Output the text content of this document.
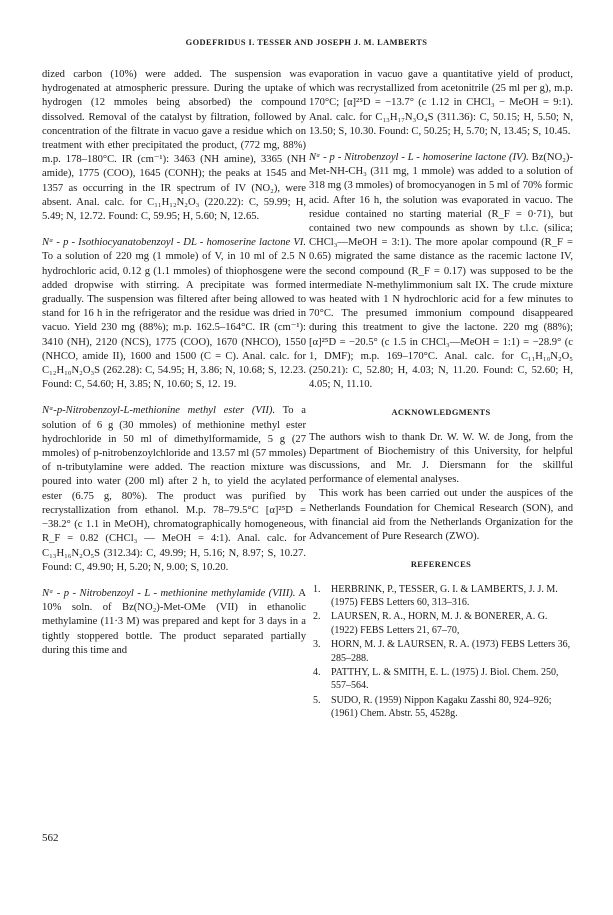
GODEFRIDUS I. TESSER AND JOSEPH J. M. LAMBERTS

dized carbon (10%) were added. The suspension was hydrogenated at atmospheric pressure. During the uptake of hydrogen (12 mmoles being absorbed) the compound dissolved. Removal of the catalyst by filtration, followed by concentration of the filtrate in vacuo gave a residue which on treatment with ether precipitated the product, (772 mg, 88%) m.p. 178–180°C. IR (cm⁻¹): 3463 (NH amine), 3365 (NH amide), 1775 (COO), 1645 (CONH); the peaks at 1545 and 1357 as occurring in the IR spectrum of IV (NO₂), were absent. Anal. calc. for C₁₁H₁₂N₂O₃ (220.22): C, 59.99; H, 5.49; N, 12.72. Found: C, 59.95; H, 5.60; N, 12.65.

Nᵅ - p - Isothiocyanatobenzoyl - DL - homoserine lactone VI. To a solution of 220 mg (1 mmole) of V, in 10 ml of 2.5 N hydrochloric acid, 0.12 g (1.1 mmoles) of thiophosgene were added dropwise with stirring. A precipitate was formed gradually. The suspension was filtered after being allowed to stand for 16 h in the refrigerator and the residue was dried in vacuo. Yield 230 mg (88%); m.p. 162.5–164°C. IR (cm⁻¹): 3410 (NH), 2120 (NCS), 1775 (COO), 1670 (NHCO), 1550 (NHCO, amide II), 1600 and 1500 (C = C). Anal. calc. for C₁₂H₁₀N₂O₃S (262.28): C, 54.95; H, 3.86; N, 10.68; S, 12.23. Found: C, 54.60; H, 3.85; N, 10.60; S, 12. 19.

Nᵅ-p-Nitrobenzoyl-L-methionine methyl ester (VII). To a solution of 6 g (30 mmoles) of methionine methyl ester hydrochloride in 50 ml of dimethylformamide, 5 g (27 mmoles) of p-nitrobenzoylchloride and 13.57 ml (57 mmoles) of n-tributylamine were added. The reaction mixture was poured into water (200 ml) after 2 h, to yield the acylated ester (6.75 g, 80%). The product was purified by recrystallization from ethanol. M.p. 78–79.5°C [α]²⁵D = −38.2° (c 1.1 in MeOH), chromatographically homogeneous, R_F = 0.82 (CHCl₃ — MeOH = 4:1). Anal. calc. for C₁₃H₁₆N₂O₅S (312.34): C, 49.99; H, 5.16; N, 8.97; S, 10.27. Found: C, 49.90; H, 5.20; N, 9.00; S, 10.20.

Nᵅ - p - Nitrobenzoyl - L - methionine methylamide (VIII). A 10% soln. of Bz(NO₂)-Met-OMe (VII) in ethanolic methylamine (11·3 M) was prepared and kept for 3 days in a tightly stoppered bottle. The product separated partially during this time and

evaporation in vacuo gave a quantitative yield of product, which was recrystallized from acetonitrile (25 ml per g), m.p. 170°C; [α]²⁵D = −13.7° (c 1.12 in CHCl₃ − MeOH = 9:1). Anal. calc. for C₁₃H₁₇N₃O₄S (311.36): C, 50.15; H, 5.50; N, 13.50; S, 10.30. Found: C, 50.25; H, 5.70; N, 13.45; S, 10.45.

Nᵅ - p - Nitrobenzoyl - L - homoserine lactone (IV). Bz(NO₂)-Met-NH-CH₃ (311 mg, 1 mmole) was added to a solution of 318 mg (3 mmoles) of bromocyanogen in 5 ml of 70% formic acid. After 16 h, the solution was evaporated in vacuo. The residue contained no starting material (R_F = 0·71), but contained two new compounds as shown by t.l.c. (silica; CHCl₃—MeOH = 3:1). The more apolar compound (R_F = 0.65) migrated the same distance as the racemic lactone IV, the second compound (R_F = 0.17) was supposed to be the intermediate N-methylimmonium salt IX. The crude mixture was heated with 1 N hydrochloric acid for a few minutes to 70°C. The presumed immonium compound disappeared during this treatment to give the lactone. 220 mg (88%); [α]²⁵D = −20.5° (c 1.5 in CHCl₃—MeOH = 1:1) = −28.9° (c 1, DMF); m.p. 169–170°C. Anal. calc. for C₁₁H₁₀N₂O₅ (250.21): C, 52.80; H, 4.03; N, 11.20. Found: C, 52.60; H, 4.05; N, 11.10.

ACKNOWLEDGMENTS

The authors wish to thank Dr. W. W. W. de Jong, from the Department of Biochemistry of this University, for helpful discussions, and Mr. J. Diersmann for the skillful performance of elemental analyses.

This work has been carried out under the auspices of the Netherlands Foundation for Chemical Research (SON), and with financial aid from the Netherlands Organization for the Advancement of Pure Research (ZWO).

REFERENCES
1.	HERBRINK, P., TESSER, G. I. & LAMBERTS, J. J. M. (1975) FEBS Letters 60, 313–316.
2.	LAURSEN, R. A., HORN, M. J. & BONERER, A. G. (1922) FEBS Letters 21, 67–70,
3.	HORN, M. J. & LAURSEN, R. A. (1973) FEBS Letters 36, 285–288.
4.	PATTHY, L. & SMITH, E. L. (1975) J. Biol. Chem. 250, 557–564.
5.	SUDO, R. (1959) Nippon Kagaku Zasshi 80, 924–926; (1961) Chem. Abstr. 55, 4528g.
562
